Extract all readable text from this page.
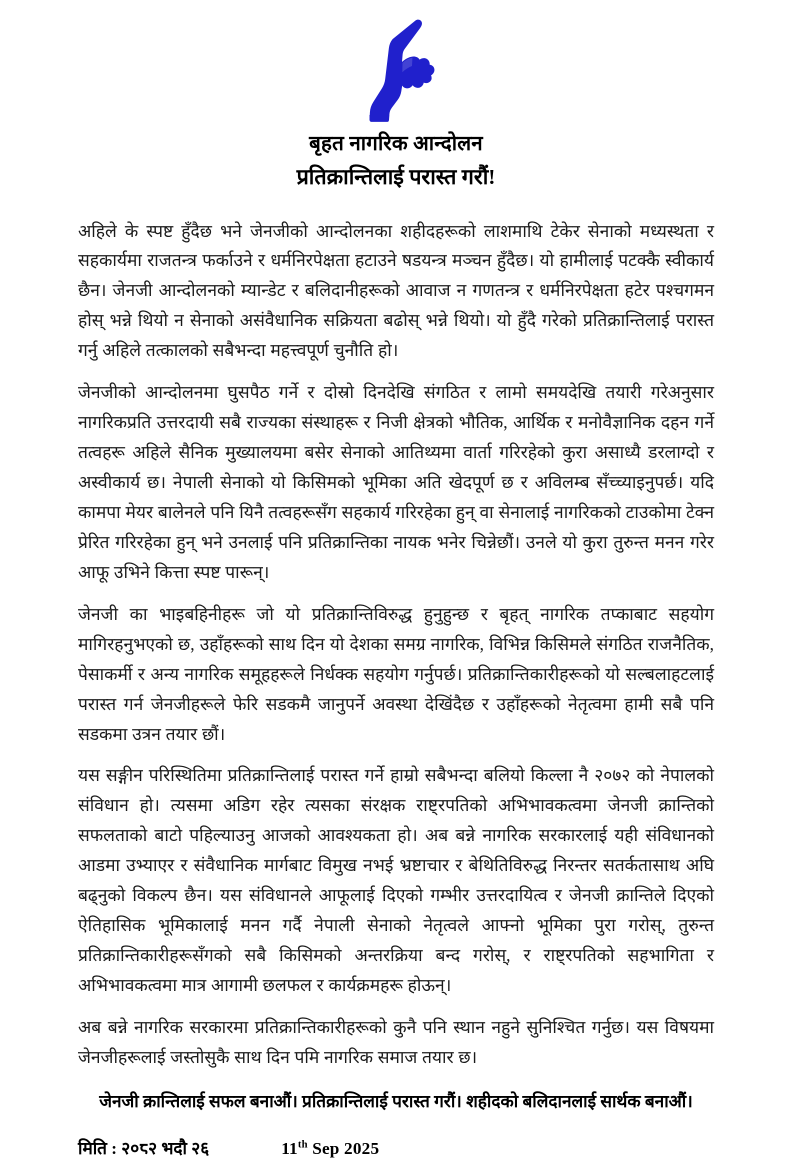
बृहत नागरिक आन्दोलन
प्रतिक्रान्तिलाई परास्त गरौं!

अहिले के स्पष्ट हुँदैछ भने जेनजीको आन्दोलनका शहीदहरूको लाशमाथि टेकेर सेनाको मध्यस्थता र सहकार्यमा राजतन्त्र फर्काउने र धर्मनिरपेक्षता हटाउने षडयन्त्र मञ्चन हुँदैछ। यो हामीलाई पटक्कै स्वीकार्य छैन। जेनजी आन्दोलनको म्यान्डेट र बलिदानीहरूको आवाज न गणतन्त्र र धर्मनिरपेक्षता हटेर पश्चगमन होस् भन्ने थियो न सेनाको असंवैधानिक सक्रियता बढोस् भन्ने थियो। यो हुँदै गरेको प्रतिक्रान्तिलाई परास्त गर्नु अहिले तत्कालको सबैभन्दा महत्त्वपूर्ण चुनौति हो।

जेनजीको आन्दोलनमा घुसपैठ गर्ने र दोस्रो दिनदेखि संगठित र लामो समयदेखि तयारी गरेअनुसार नागरिकप्रति उत्तरदायी सबै राज्यका संस्थाहरू र निजी क्षेत्रको भौतिक, आर्थिक र मनोवैज्ञानिक दहन गर्ने तत्वहरू अहिले सैनिक मुख्यालयमा बसेर सेनाको आतिथ्यमा वार्ता गरिरहेको कुरा असाध्यै डरलाग्दो र अस्वीकार्य छ। नेपाली सेनाको यो किसिमको भूमिका अति खेदपूर्ण छ र अविलम्ब सँच्च्याइनुपर्छ। यदि कामपा मेयर बालेनले पनि यिनै तत्वहरूसँग सहकार्य गरिरहेका हुन् वा सेनालाई नागरिकको टाउकोमा टेक्न प्रेरित गरिरहेका हुन् भने उनलाई पनि प्रतिक्रान्तिका नायक भनेर चिन्नेछौं। उनले यो कुरा तुरुन्त मनन गरेर आफू उभिने कित्ता स्पष्ट पारून्।

जेनजी का भाइबहिनीहरू जो यो प्रतिक्रान्तिविरुद्ध हुनुहुन्छ र बृहत् नागरिक तप्काबाट सहयोग मागिरहनुभएको छ, उहाँहरूको साथ दिन यो देशका समग्र नागरिक, विभिन्न किसिमले संगठित राजनैतिक, पेसाकर्मी र अन्य नागरिक समूहहरूले निर्धक्क सहयोग गर्नुपर्छ। प्रतिक्रान्तिकारीहरूको यो सल्बलाहटलाई परास्त गर्न जेनजीहरूले फेरि सडकमै जानुपर्ने अवस्था देखिंदैछ र उहाँहरूको नेतृत्वमा हामी सबै पनि सडकमा उत्रन तयार छौं।

यस सङ्गीन परिस्थितिमा प्रतिक्रान्तिलाई परास्त गर्ने हाम्रो सबैभन्दा बलियो किल्ला नै २०७२ को नेपालको संविधान हो। त्यसमा अडिग रहेर त्यसका संरक्षक राष्ट्रपतिको अभिभावकत्वमा जेनजी क्रान्तिको सफलताको बाटो पहिल्याउनु आजको आवश्यकता हो। अब बन्ने नागरिक सरकारलाई यही संविधानको आडमा उभ्याएर र संवैधानिक मार्गबाट विमुख नभई भ्रष्टाचार र बेथितिविरुद्ध निरन्तर सतर्कतासाथ अघि बढ्नुको विकल्प छैन। यस संविधानले आफूलाई दिएको गम्भीर उत्तरदायित्व र जेनजी क्रान्तिले दिएको ऐतिहासिक भूमिकालाई मनन गर्दै नेपाली सेनाको नेतृत्वले आफ्नो भूमिका पुरा गरोस्, तुरुन्त प्रतिक्रान्तिकारीहरूसँगको सबै किसिमको अन्तरक्रिया बन्द गरोस्, र राष्ट्रपतिको सहभागिता र अभिभावकत्वमा मात्र आगामी छलफल र कार्यक्रमहरू होऊन्।

अब बन्ने नागरिक सरकारमा प्रतिक्रान्तिकारीहरूको कुनै पनि स्थान नहुने सुनिश्चित गर्नुछ। यस विषयमा जेनजीहरूलाई जस्तोसुकै साथ दिन पमि नागरिक समाज तयार छ।

जेनजी क्रान्तिलाई सफल बनाऔं। प्रतिक्रान्तिलाई परास्त गरौं। शहीदको बलिदानलाई सार्थक बनाऔं।
मिति : २०८२ भदौ २६	11th Sep 2025
